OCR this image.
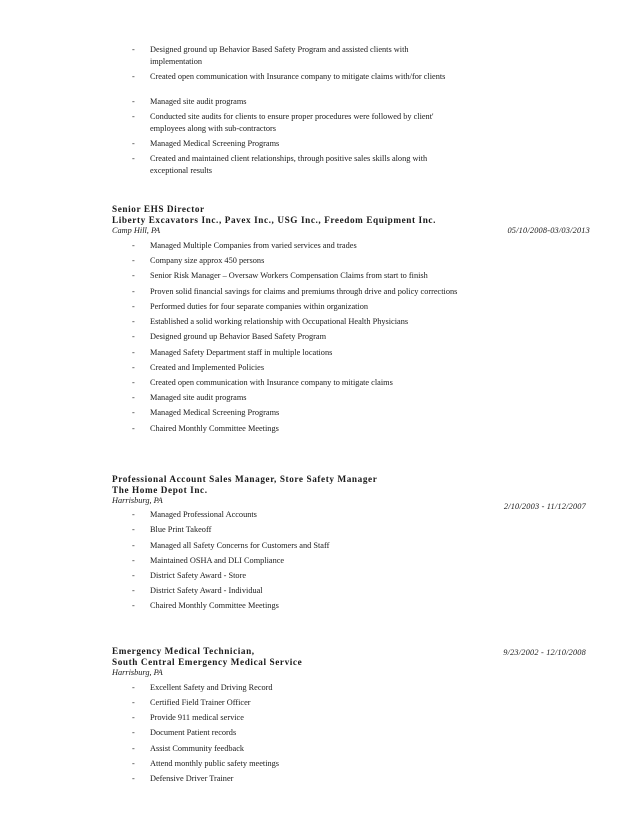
- Designed ground up Behavior Based Safety Program and assisted clients with implementation
- Created open communication with Insurance company to mitigate claims with/for clients
- Managed site audit programs
- Conducted site audits for clients to ensure proper procedures were followed by client' employees along with sub-contractors
- Managed Medical Screening Programs
- Created and maintained client relationships, through positive sales skills along with exceptional results
Senior EHS Director
Liberty Excavators Inc., Pavex Inc., USG Inc., Freedom Equipment Inc.
Camp Hill, PA	05/10/2008-03/03/2013
- Managed Multiple Companies from varied services and trades
- Company size approx 450 persons
- Senior Risk Manager – Oversaw Workers Compensation Claims from start to finish
- Proven solid financial savings for claims and premiums through drive and policy corrections
- Performed duties for four separate companies within organization
- Established a solid working relationship with Occupational Health Physicians
- Designed ground up Behavior Based Safety Program
- Managed Safety Department staff in multiple locations
- Created and Implemented Policies
- Created open communication with Insurance company to mitigate claims
- Managed site audit programs
- Managed Medical Screening Programs
- Chaired Monthly Committee Meetings
Professional Account Sales Manager, Store Safety Manager
The Home Depot Inc.
Harrisburg, PA
2/10/2003 - 11/12/2007
- Managed Professional Accounts
- Blue Print Takeoff
- Managed all Safety Concerns for Customers and Staff
- Maintained OSHA and DLI Compliance
- District Safety Award - Store
- District Safety Award - Individual
- Chaired Monthly Committee Meetings
Emergency Medical Technician,	9/23/2002 - 12/10/2008
South Central Emergency Medical Service
Harrisburg, PA
- Excellent Safety and Driving Record
- Certified Field Trainer Officer
- Provide 911 medical service
- Document Patient records
- Assist Community feedback
- Attend monthly public safety meetings
- Defensive Driver Trainer
